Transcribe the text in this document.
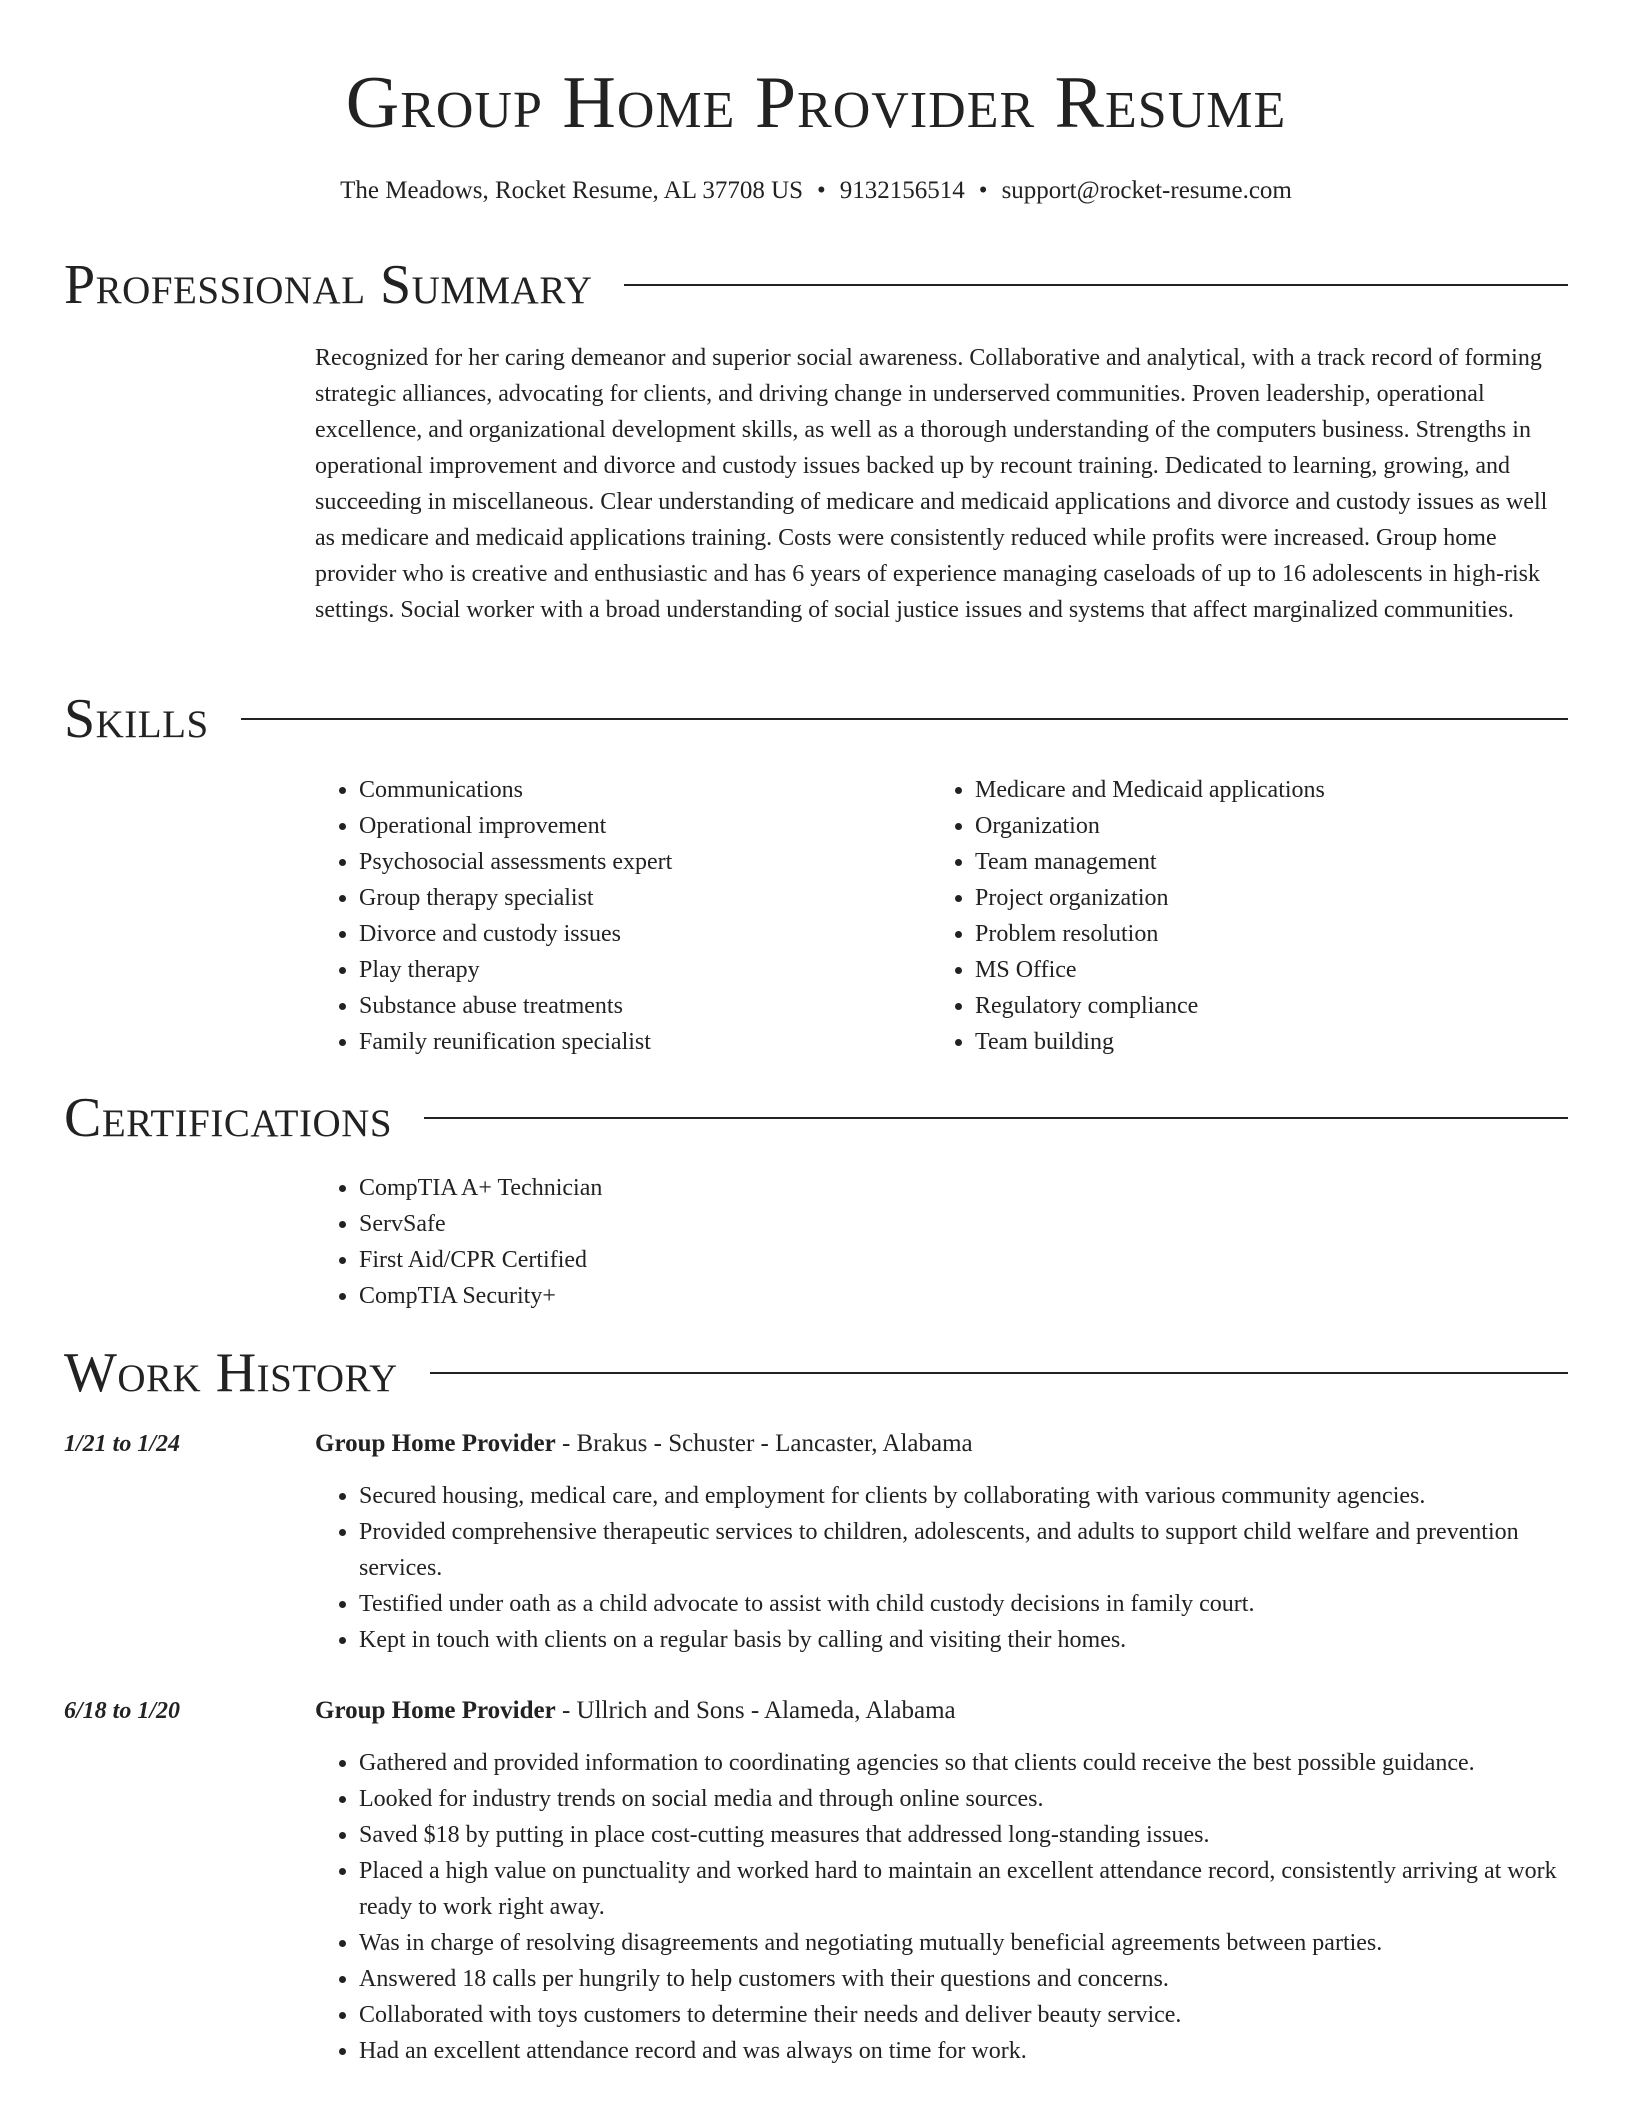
Group Home Provider Resume
The Meadows, Rocket Resume, AL 37708 US • 9132156514 • support@rocket-resume.com
Professional Summary

Recognized for her caring demeanor and superior social awareness. Collaborative and analytical, with a track record of forming strategic alliances, advocating for clients, and driving change in underserved communities. Proven leadership, operational excellence, and organizational development skills, as well as a thorough understanding of the computers business. Strengths in operational improvement and divorce and custody issues backed up by recount training. Dedicated to learning, growing, and succeeding in miscellaneous. Clear understanding of medicare and medicaid applications and divorce and custody issues as well as medicare and medicaid applications training. Costs were consistently reduced while profits were increased. Group home provider who is creative and enthusiastic and has 6 years of experience managing caseloads of up to 16 adolescents in high-risk settings. Social worker with a broad understanding of social justice issues and systems that affect marginalized communities.

Skills
• Communications
• Operational improvement
• Psychosocial assessments expert
• Group therapy specialist
• Divorce and custody issues
• Play therapy
• Substance abuse treatments
• Family reunification specialist
• Medicare and Medicaid applications
• Organization
• Team management
• Project organization
• Problem resolution
• MS Office
• Regulatory compliance
• Team building
Certifications
• CompTIA A+ Technician
• ServSafe
• First Aid/CPR Certified
• CompTIA Security+
Work History
1/21 to 1/24	Group Home Provider - Brakus - Schuster - Lancaster, Alabama
• Secured housing, medical care, and employment for clients by collaborating with various community agencies.
• Provided comprehensive therapeutic services to children, adolescents, and adults to support child welfare and prevention services.
• Testified under oath as a child advocate to assist with child custody decisions in family court.
• Kept in touch with clients on a regular basis by calling and visiting their homes.
6/18 to 1/20	Group Home Provider - Ullrich and Sons - Alameda, Alabama
• Gathered and provided information to coordinating agencies so that clients could receive the best possible guidance.
• Looked for industry trends on social media and through online sources.
• Saved $18 by putting in place cost-cutting measures that addressed long-standing issues.
• Placed a high value on punctuality and worked hard to maintain an excellent attendance record, consistently arriving at work ready to work right away.
• Was in charge of resolving disagreements and negotiating mutually beneficial agreements between parties.
• Answered 18 calls per hungrily to help customers with their questions and concerns.
• Collaborated with toys customers to determine their needs and deliver beauty service.
• Had an excellent attendance record and was always on time for work.
